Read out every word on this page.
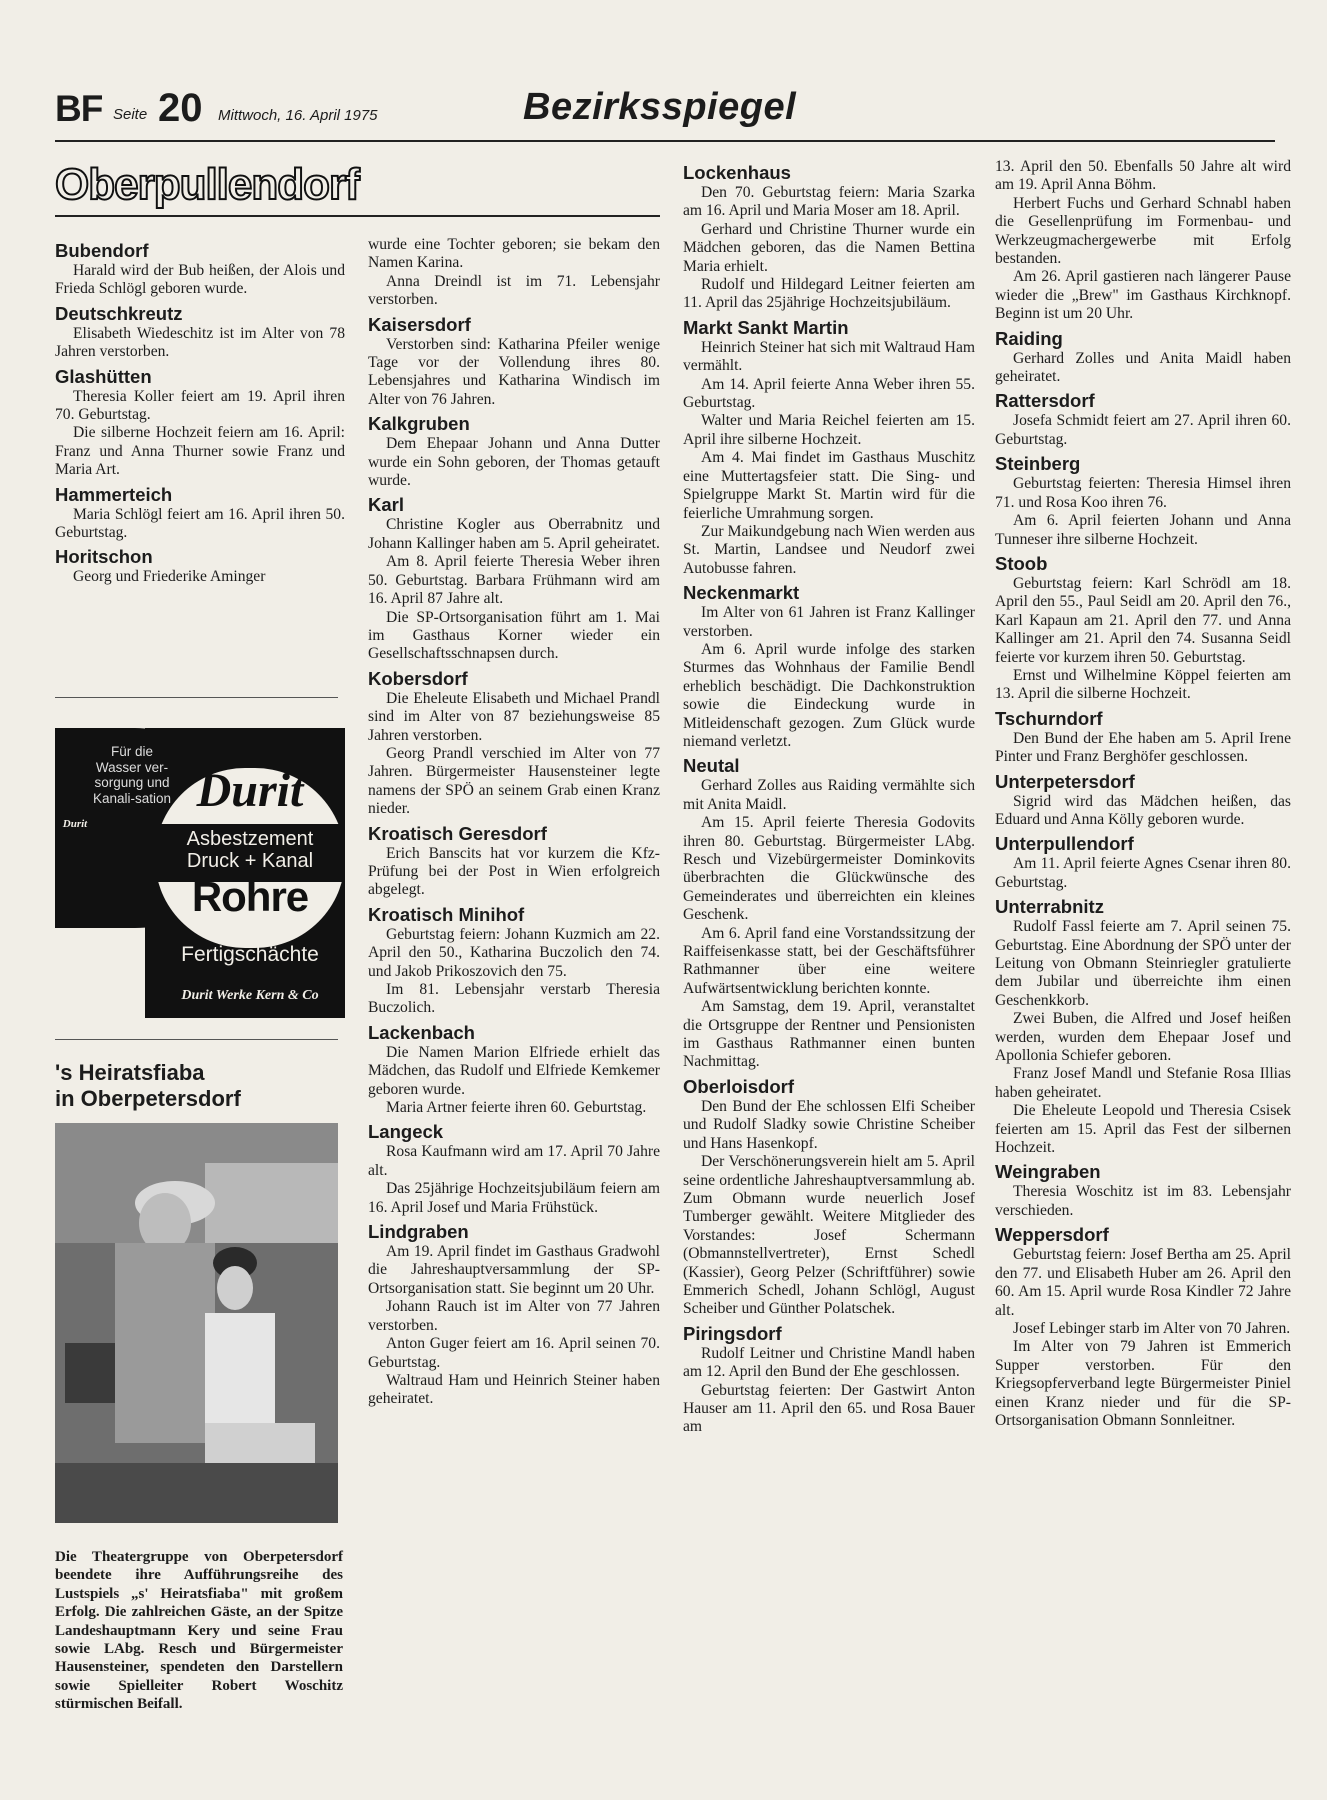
BF Seite 20 Mittwoch, 16. April 1975	Bezirksspiegel
Oberpullendorf
Bubendorf

Harald wird der Bub heißen, der Alois und Frieda Schlögl geboren wurde.

Deutschkreutz

Elisabeth Wiedeschitz ist im Alter von 78 Jahren verstorben.

Glashütten

Theresia Koller feiert am 19. April ihren 70. Geburtstag.

Die silberne Hochzeit feiern am 16. April: Franz und Anna Thurner sowie Franz und Maria Art.

Hammerteich

Maria Schlögl feiert am 16. April ihren 50. Geburtstag.

Horitschon

Georg und Friederike Aminger

Für die Wasser ver-sorgung und Kanali-sation
Durit
Durit
Asbestzement
Druck + Kanal
Rohre
Fertigschächte
Durit Werke Kern & Co
's Heiratsfiaba
in Oberpetersdorf
Die Theatergruppe von Oberpetersdorf beendete ihre Aufführungsreihe des Lustspiels „s' Heiratsfiaba" mit großem Erfolg. Die zahlreichen Gäste, an der Spitze Landeshauptmann Kery und seine Frau sowie LAbg. Resch und Bürgermeister Hausensteiner, spendeten den Darstellern sowie Spielleiter Robert Woschitz stürmischen Beifall.

wurde eine Tochter geboren; sie bekam den Namen Karina.

Anna Dreindl ist im 71. Lebensjahr verstorben.

Kaisersdorf

Verstorben sind: Katharina Pfeiler wenige Tage vor der Vollendung ihres 80. Lebensjahres und Katharina Windisch im Alter von 76 Jahren.

Kalkgruben

Dem Ehepaar Johann und Anna Dutter wurde ein Sohn geboren, der Thomas getauft wurde.

Karl

Christine Kogler aus Oberrabnitz und Johann Kallinger haben am 5. April geheiratet.

Am 8. April feierte Theresia Weber ihren 50. Geburtstag. Barbara Frühmann wird am 16. April 87 Jahre alt.

Die SP-Ortsorganisation führt am 1. Mai im Gasthaus Korner wieder ein Gesellschaftsschnapsen durch.

Kobersdorf

Die Eheleute Elisabeth und Michael Prandl sind im Alter von 87 beziehungsweise 85 Jahren verstorben.

Georg Prandl verschied im Alter von 77 Jahren. Bürgermeister Hausensteiner legte namens der SPÖ an seinem Grab einen Kranz nieder.

Kroatisch Geresdorf

Erich Banscits hat vor kurzem die Kfz-Prüfung bei der Post in Wien erfolgreich abgelegt.

Kroatisch Minihof

Geburtstag feiern: Johann Kuzmich am 22. April den 50., Katharina Buczolich den 74. und Jakob Prikoszovich den 75.

Im 81. Lebensjahr verstarb Theresia Buczolich.

Lackenbach

Die Namen Marion Elfriede erhielt das Mädchen, das Rudolf und Elfriede Kemkemer geboren wurde.

Maria Artner feierte ihren 60. Geburtstag.

Langeck

Rosa Kaufmann wird am 17. April 70 Jahre alt.

Das 25jährige Hochzeitsjubiläum feiern am 16. April Josef und Maria Frühstück.

Lindgraben

Am 19. April findet im Gasthaus Gradwohl die Jahreshauptversammlung der SP-Ortsorganisation statt. Sie beginnt um 20 Uhr.

Johann Rauch ist im Alter von 77 Jahren verstorben.

Anton Guger feiert am 16. April seinen 70. Geburtstag.

Waltraud Ham und Heinrich Steiner haben geheiratet.

Lockenhaus

Den 70. Geburtstag feiern: Maria Szarka am 16. April und Maria Moser am 18. April.

Gerhard und Christine Thurner wurde ein Mädchen geboren, das die Namen Bettina Maria erhielt.

Rudolf und Hildegard Leitner feierten am 11. April das 25jährige Hochzeitsjubiläum.

Markt Sankt Martin

Heinrich Steiner hat sich mit Waltraud Ham vermählt.

Am 14. April feierte Anna Weber ihren 55. Geburtstag.

Walter und Maria Reichel feierten am 15. April ihre silberne Hochzeit.

Am 4. Mai findet im Gasthaus Muschitz eine Muttertagsfeier statt. Die Sing- und Spielgruppe Markt St. Martin wird für die feierliche Umrahmung sorgen.

Zur Maikundgebung nach Wien werden aus St. Martin, Landsee und Neudorf zwei Autobusse fahren.

Neckenmarkt

Im Alter von 61 Jahren ist Franz Kallinger verstorben.

Am 6. April wurde infolge des starken Sturmes das Wohnhaus der Familie Bendl erheblich beschädigt. Die Dachkonstruktion sowie die Eindeckung wurde in Mitleidenschaft gezogen. Zum Glück wurde niemand verletzt.

Neutal

Gerhard Zolles aus Raiding vermählte sich mit Anita Maidl.

Am 15. April feierte Theresia Godovits ihren 80. Geburtstag. Bürgermeister LAbg. Resch und Vizebürgermeister Dominkovits überbrachten die Glückwünsche des Gemeinderates und überreichten ein kleines Geschenk.

Am 6. April fand eine Vorstandssitzung der Raiffeisenkasse statt, bei der Geschäftsführer Rathmanner über eine weitere Aufwärtsentwicklung berichten konnte.

Am Samstag, dem 19. April, veranstaltet die Ortsgruppe der Rentner und Pensionisten im Gasthaus Rathmanner einen bunten Nachmittag.

Oberloisdorf

Den Bund der Ehe schlossen Elfi Scheiber und Rudolf Sladky sowie Christine Scheiber und Hans Hasenkopf.

Der Verschönerungsverein hielt am 5. April seine ordentliche Jahreshauptversammlung ab. Zum Obmann wurde neuerlich Josef Tumberger gewählt. Weitere Mitglieder des Vorstandes: Josef Schermann (Obmannstellvertreter), Ernst Schedl (Kassier), Georg Pelzer (Schriftführer) sowie Emmerich Schedl, Johann Schlögl, August Scheiber und Günther Polatschek.

Piringsdorf

Rudolf Leitner und Christine Mandl haben am 12. April den Bund der Ehe geschlossen.

Geburtstag feierten: Der Gastwirt Anton Hauser am 11. April den 65. und Rosa Bauer am

13. April den 50. Ebenfalls 50 Jahre alt wird am 19. April Anna Böhm.

Herbert Fuchs und Gerhard Schnabl haben die Gesellenprüfung im Formenbau- und Werkzeugmachergewerbe mit Erfolg bestanden.

Am 26. April gastieren nach längerer Pause wieder die „Brew" im Gasthaus Kirchknopf. Beginn ist um 20 Uhr.

Raiding

Gerhard Zolles und Anita Maidl haben geheiratet.

Rattersdorf

Josefa Schmidt feiert am 27. April ihren 60. Geburtstag.

Steinberg

Geburtstag feierten: Theresia Himsel ihren 71. und Rosa Koo ihren 76.

Am 6. April feierten Johann und Anna Tunneser ihre silberne Hochzeit.

Stoob

Geburtstag feiern: Karl Schrödl am 18. April den 55., Paul Seidl am 20. April den 76., Karl Kapaun am 21. April den 77. und Anna Kallinger am 21. April den 74. Susanna Seidl feierte vor kurzem ihren 50. Geburtstag.

Ernst und Wilhelmine Köppel feierten am 13. April die silberne Hochzeit.

Tschurndorf

Den Bund der Ehe haben am 5. April Irene Pinter und Franz Berghöfer geschlossen.

Unterpetersdorf

Sigrid wird das Mädchen heißen, das Eduard und Anna Kölly geboren wurde.

Unterpullendorf

Am 11. April feierte Agnes Csenar ihren 80. Geburtstag.

Unterrabnitz

Rudolf Fassl feierte am 7. April seinen 75. Geburtstag. Eine Abordnung der SPÖ unter der Leitung von Obmann Steinriegler gratulierte dem Jubilar und überreichte ihm einen Geschenkkorb.

Zwei Buben, die Alfred und Josef heißen werden, wurden dem Ehepaar Josef und Apollonia Schiefer geboren.

Franz Josef Mandl und Stefanie Rosa Illias haben geheiratet.

Die Eheleute Leopold und Theresia Csisek feierten am 15. April das Fest der silbernen Hochzeit.

Weingraben

Theresia Woschitz ist im 83. Lebensjahr verschieden.

Weppersdorf

Geburtstag feiern: Josef Bertha am 25. April den 77. und Elisabeth Huber am 26. April den 60. Am 15. April wurde Rosa Kindler 72 Jahre alt.

Josef Lebinger starb im Alter von 70 Jahren.

Im Alter von 79 Jahren ist Emmerich Supper verstorben. Für den Kriegsopferverband legte Bürgermeister Piniel einen Kranz nieder und für die SP-Ortsorganisation Obmann Sonnleitner.
